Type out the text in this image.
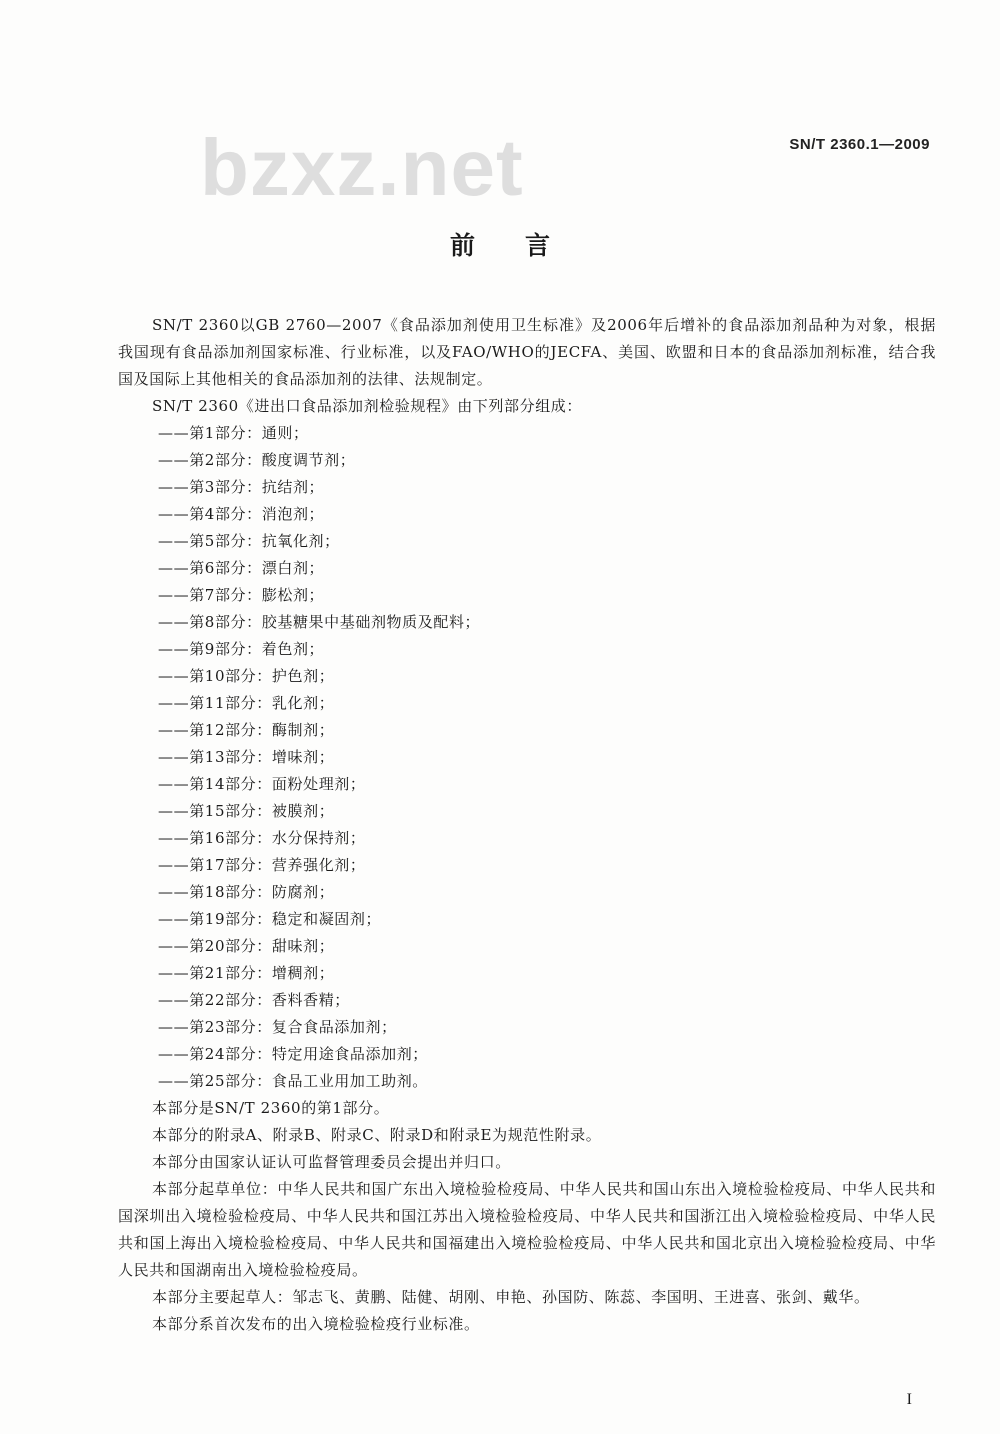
bzxz.net	SN/T 2360.1—2009
前言

SN/T 2360以GB 2760—2007《食品添加剂使用卫生标准》及2006年后增补的食品添加剂品种为对象，根据我国现有食品添加剂国家标准、行业标准，以及FAO/WHO的JECFA、美国、欧盟和日本的食品添加剂标准，结合我国及国际上其他相关的食品添加剂的法律、法规制定。

SN/T 2360《进出口食品添加剂检验规程》由下列部分组成：

——第1部分：通则；
——第2部分：酸度调节剂；
——第3部分：抗结剂；
——第4部分：消泡剂；
——第5部分：抗氧化剂；
——第6部分：漂白剂；
——第7部分：膨松剂；
——第8部分：胶基糖果中基础剂物质及配料；
——第9部分：着色剂；
——第10部分：护色剂；
——第11部分：乳化剂；
——第12部分：酶制剂；
——第13部分：增味剂；
——第14部分：面粉处理剂；
——第15部分：被膜剂；
——第16部分：水分保持剂；
——第17部分：营养强化剂；
——第18部分：防腐剂；
——第19部分：稳定和凝固剂；
——第20部分：甜味剂；
——第21部分：增稠剂；
——第22部分：香料香精；
——第23部分：复合食品添加剂；
——第24部分：特定用途食品添加剂；
——第25部分：食品工业用加工助剂。

本部分是SN/T 2360的第1部分。

本部分的附录A、附录B、附录C、附录D和附录E为规范性附录。

本部分由国家认证认可监督管理委员会提出并归口。

本部分起草单位：中华人民共和国广东出入境检验检疫局、中华人民共和国山东出入境检验检疫局、中华人民共和国深圳出入境检验检疫局、中华人民共和国江苏出入境检验检疫局、中华人民共和国浙江出入境检验检疫局、中华人民共和国上海出入境检验检疫局、中华人民共和国福建出入境检验检疫局、中华人民共和国北京出入境检验检疫局、中华人民共和国湖南出入境检验检疫局。

本部分主要起草人：邹志飞、黄鹏、陆健、胡刚、申艳、孙国防、陈蕊、李国明、王进喜、张剑、戴华。

本部分系首次发布的出入境检验检疫行业标准。

I
